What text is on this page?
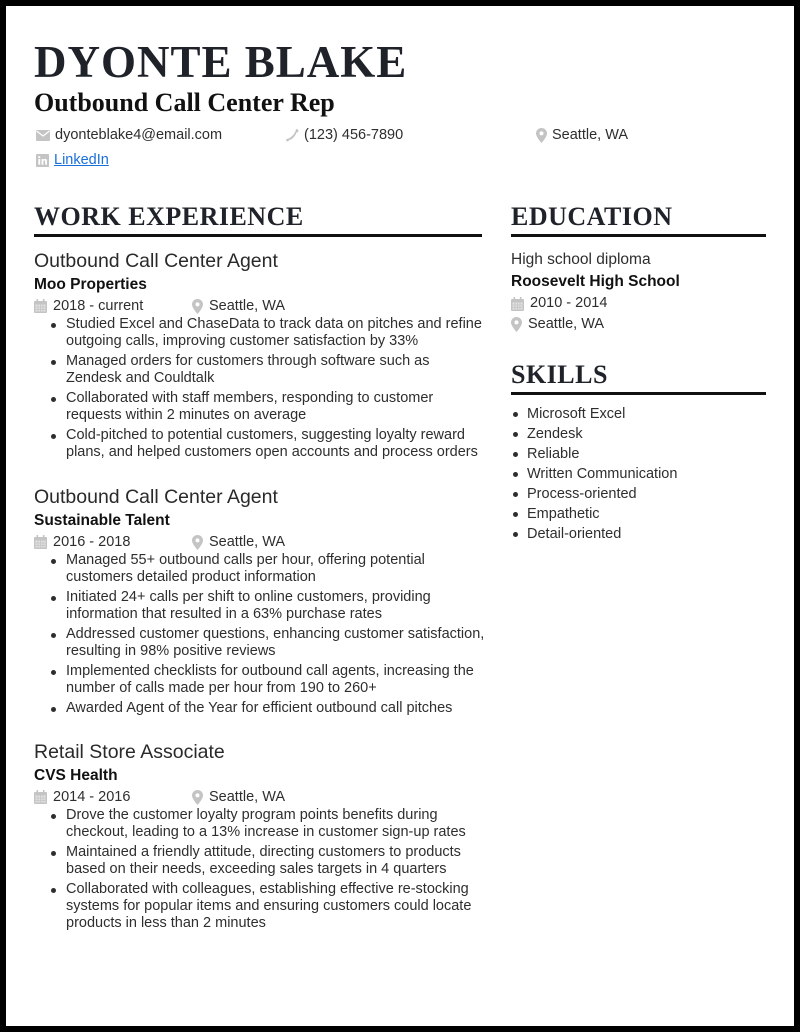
DYONTE BLAKE
Outbound Call Center Rep
dyonteblake4@email.com	(123) 456-7890	Seattle, WA
LinkedIn
WORK EXPERIENCE
Outbound Call Center Agent
Moo Properties
2018 - current	Seattle, WA
Studied Excel and ChaseData to track data on pitches and refine outgoing calls, improving customer satisfaction by 33%
Managed orders for customers through software such as Zendesk and Couldtalk
Collaborated with staff members, responding to customer requests within 2 minutes on average
Cold-pitched to potential customers, suggesting loyalty reward plans, and helped customers open accounts and process orders
Outbound Call Center Agent
Sustainable Talent
2016 - 2018	Seattle, WA
Managed 55+ outbound calls per hour, offering potential customers detailed product information
Initiated 24+ calls per shift to online customers, providing information that resulted in a 63% purchase rates
Addressed customer questions, enhancing customer satisfaction, resulting in 98% positive reviews
Implemented checklists for outbound call agents, increasing the number of calls made per hour from 190 to 260+
Awarded Agent of the Year for efficient outbound call pitches
Retail Store Associate
CVS Health
2014 - 2016	Seattle, WA
Drove the customer loyalty program points benefits during checkout, leading to a 13% increase in customer sign-up rates
Maintained a friendly attitude, directing customers to products based on their needs, exceeding sales targets in 4 quarters
Collaborated with colleagues, establishing effective re-stocking systems for popular items and ensuring customers could locate products in less than 2 minutes
EDUCATION
High school diploma
Roosevelt High School
2010 - 2014
Seattle, WA
SKILLS
Microsoft Excel
Zendesk
Reliable
Written Communication
Process-oriented
Empathetic
Detail-oriented
